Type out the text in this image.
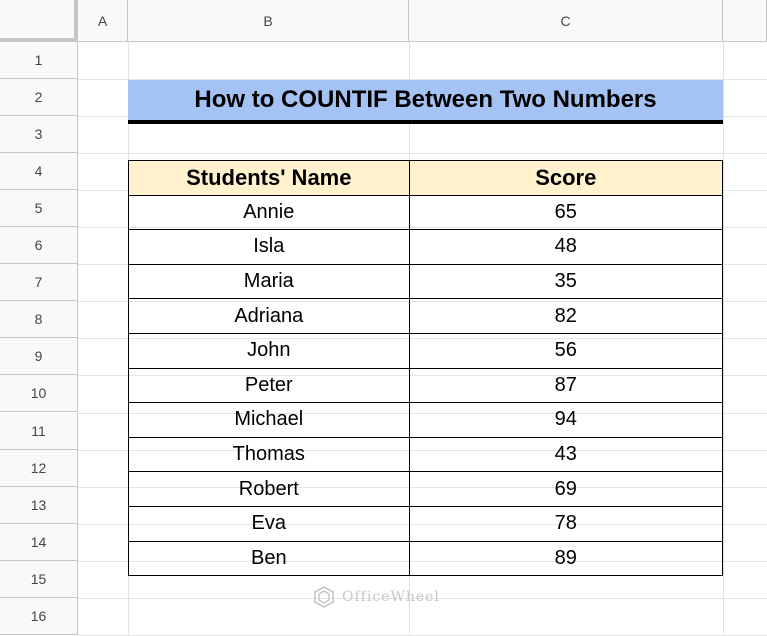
A	B	C
1
2
3
4
5
6
7
8
9
10
11
12
13
14
15
16
How to COUNTIF Between Two Numbers
Students' Name	Score
Annie	65
Isla	48
Maria	35
Adriana	82
John	56
Peter	87
Michael	94
Thomas	43
Robert	69
Eva	78
Ben	89
OfficeWheel
